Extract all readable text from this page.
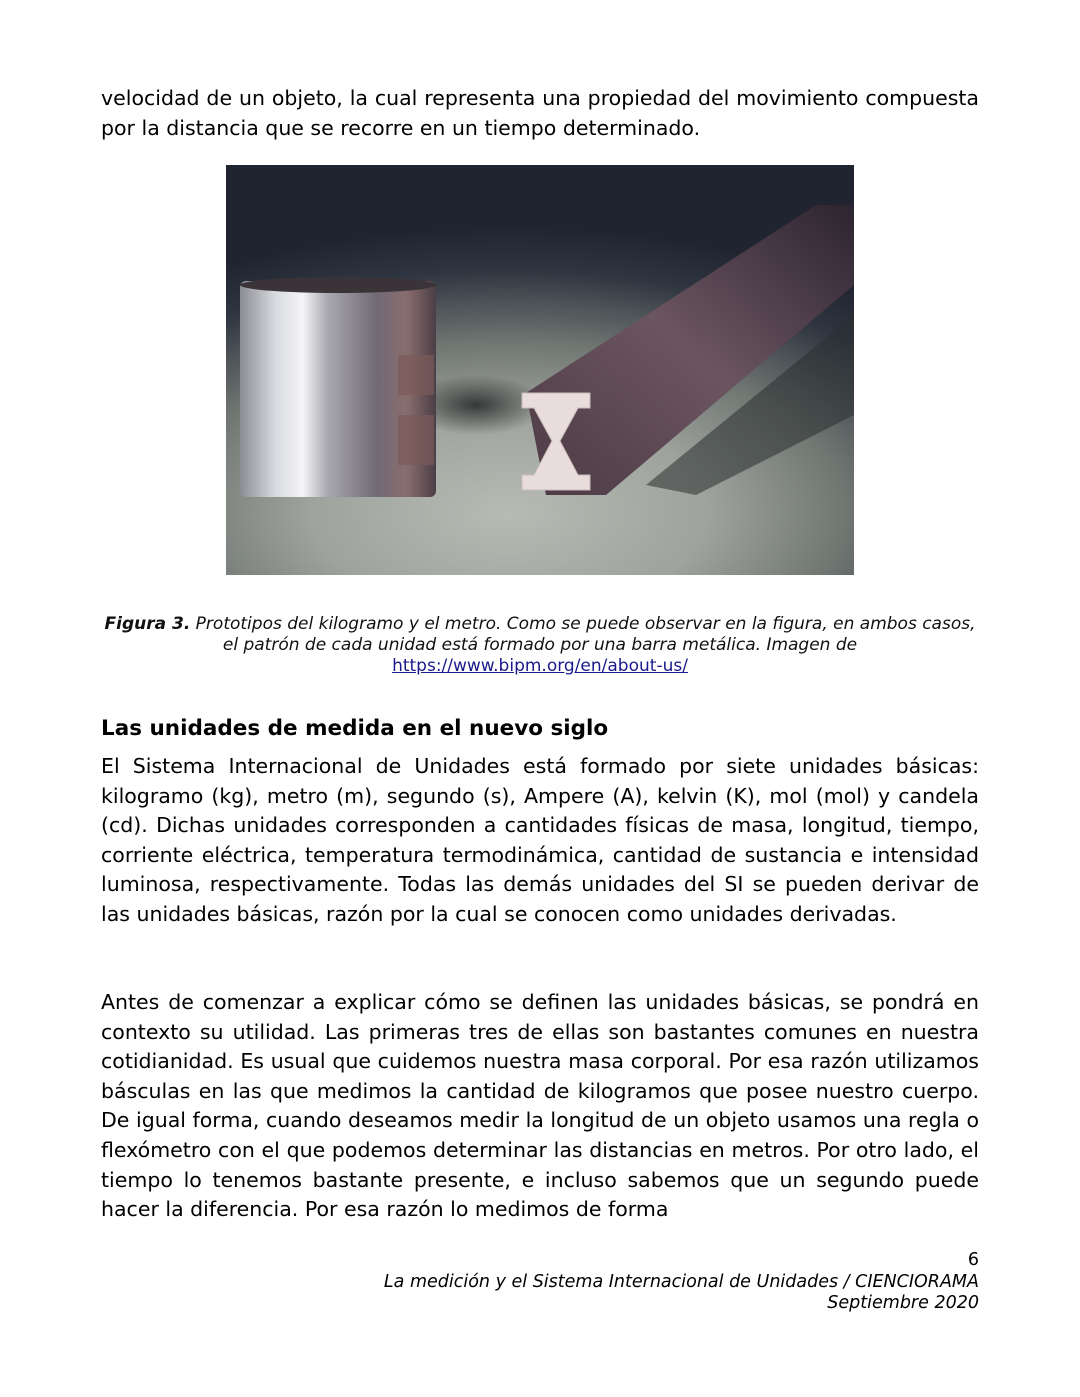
velocidad de un objeto, la cual representa una propiedad del movimiento compuesta por la distancia que se recorre en un tiempo determinado.

Figura 3. Prototipos del kilogramo y el metro. Como se puede observar en la figura, en ambos casos, el patrón de cada unidad está formado por una barra metálica. Imagen de
https://www.bipm.org/en/about-us/
Las unidades de medida en el nuevo siglo

El Sistema Internacional de Unidades está formado por siete unidades básicas: kilogramo (kg), metro (m), segundo (s), Ampere (A), kelvin (K), mol (mol) y candela (cd). Dichas unidades corresponden a cantidades físicas de masa, longitud, tiempo, corriente eléctrica, temperatura termodinámica, cantidad de sustancia e intensidad luminosa, respectivamente. Todas las demás unidades del SI se pueden derivar de las unidades básicas, razón por la cual se conocen como unidades derivadas.

Antes de comenzar a explicar cómo se definen las unidades básicas, se pondrá en contexto su utilidad. Las primeras tres de ellas son bastantes comunes en nuestra cotidianidad. Es usual que cuidemos nuestra masa corporal. Por esa razón utilizamos básculas en las que medimos la cantidad de kilogramos que posee nuestro cuerpo. De igual forma, cuando deseamos medir la longitud de un objeto usamos una regla o flexómetro con el que podemos determinar las distancias en metros. Por otro lado, el tiempo lo tenemos bastante presente, e incluso sabemos que un segundo puede hacer la diferencia. Por esa razón lo medimos de forma

6
La medición y el Sistema Internacional de Unidades / CIENCIORAMA
Septiembre 2020
